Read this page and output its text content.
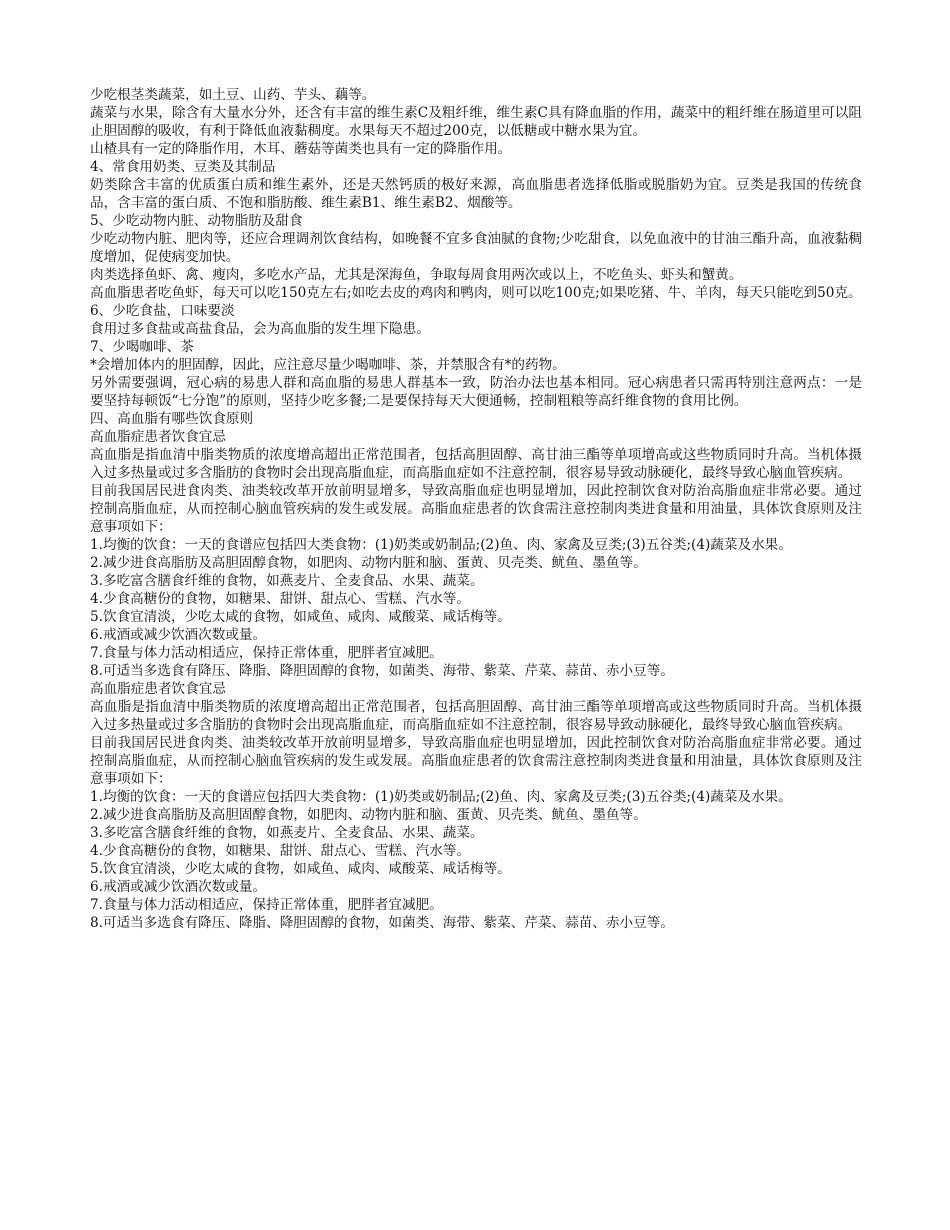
少吃根茎类蔬菜，如土豆、山药、芋头、藕等。

蔬菜与水果，除含有大量水分外，还含有丰富的维生素C及粗纤维，维生素C具有降血脂的作用，蔬菜中的粗纤维在肠道里可以阻止胆固醇的吸收，有利于降低血液黏稠度。水果每天不超过200克，以低糖或中糖水果为宜。

山楂具有一定的降脂作用，木耳、蘑菇等菌类也具有一定的降脂作用。

4、常食用奶类、豆类及其制品

奶类除含丰富的优质蛋白质和维生素外，还是天然钙质的极好来源，高血脂患者选择低脂或脱脂奶为宜。豆类是我国的传统食品，含丰富的蛋白质、不饱和脂肪酸、维生素B1、维生素B2、烟酸等。

5、少吃动物内脏、动物脂肪及甜食

少吃动物内脏、肥肉等，还应合理调剂饮食结构，如晚餐不宜多食油腻的食物;少吃甜食，以免血液中的甘油三酯升高，血液黏稠度增加，促使病变加快。

肉类选择鱼虾、禽、瘦肉，多吃水产品，尤其是深海鱼，争取每周食用两次或以上，不吃鱼头、虾头和蟹黄。

高血脂患者吃鱼虾，每天可以吃150克左右;如吃去皮的鸡肉和鸭肉，则可以吃100克;如果吃猪、牛、羊肉，每天只能吃到50克。

6、少吃食盐，口味要淡

食用过多食盐或高盐食品，会为高血脂的发生埋下隐患。

7、少喝咖啡、茶

*会增加体内的胆固醇，因此，应注意尽量少喝咖啡、茶，并禁服含有*的药物。

另外需要强调，冠心病的易患人群和高血脂的易患人群基本一致，防治办法也基本相同。冠心病患者只需再特别注意两点：一是要坚持每顿饭“七分饱”的原则，坚持少吃多餐;二是要保持每天大便通畅，控制粗粮等高纤维食物的食用比例。

四、高血脂有哪些饮食原则

高血脂症患者饮食宜忌

高血脂是指血清中脂类物质的浓度增高超出正常范围者，包括高胆固醇、高甘油三酯等单项增高或这些物质同时升高。当机体摄入过多热量或过多含脂肪的食物时会出现高脂血症，而高脂血症如不注意控制，很容易导致动脉硬化，最终导致心脑血管疾病。

目前我国居民进食肉类、油类较改革开放前明显增多，导致高脂血症也明显增加，因此控制饮食对防治高脂血症非常必要。通过控制高脂血症，从而控制心脑血管疾病的发生或发展。高脂血症患者的饮食需注意控制肉类进食量和用油量，具体饮食原则及注意事项如下：

1.均衡的饮食：一天的食谱应包括四大类食物：(1)奶类或奶制品;(2)鱼、肉、家禽及豆类;(3)五谷类;(4)蔬菜及水果。

2.减少进食高脂肪及高胆固醇食物，如肥肉、动物内脏和脑、蛋黄、贝壳类、鱿鱼、墨鱼等。

3.多吃富含膳食纤维的食物，如燕麦片、全麦食品、水果、蔬菜。

4.少食高糖份的食物，如糖果、甜饼、甜点心、雪糕、汽水等。

5.饮食宜清淡，少吃太咸的食物，如咸鱼、咸肉、咸酸菜、咸话梅等。

6.戒酒或减少饮酒次数或量。

7.食量与体力活动相适应，保持正常体重，肥胖者宜减肥。

8.可适当多选食有降压、降脂、降胆固醇的食物，如菌类、海带、紫菜、芹菜、蒜苗、赤小豆等。

高血脂症患者饮食宜忌

高血脂是指血清中脂类物质的浓度增高超出正常范围者，包括高胆固醇、高甘油三酯等单项增高或这些物质同时升高。当机体摄入过多热量或过多含脂肪的食物时会出现高脂血症，而高脂血症如不注意控制，很容易导致动脉硬化，最终导致心脑血管疾病。

目前我国居民进食肉类、油类较改革开放前明显增多，导致高脂血症也明显增加，因此控制饮食对防治高脂血症非常必要。通过控制高脂血症，从而控制心脑血管疾病的发生或发展。高脂血症患者的饮食需注意控制肉类进食量和用油量，具体饮食原则及注意事项如下：

1.均衡的饮食：一天的食谱应包括四大类食物：(1)奶类或奶制品;(2)鱼、肉、家禽及豆类;(3)五谷类;(4)蔬菜及水果。

2.减少进食高脂肪及高胆固醇食物，如肥肉、动物内脏和脑、蛋黄、贝壳类、鱿鱼、墨鱼等。

3.多吃富含膳食纤维的食物，如燕麦片、全麦食品、水果、蔬菜。

4.少食高糖份的食物，如糖果、甜饼、甜点心、雪糕、汽水等。

5.饮食宜清淡，少吃太咸的食物，如咸鱼、咸肉、咸酸菜、咸话梅等。

6.戒酒或减少饮酒次数或量。

7.食量与体力活动相适应，保持正常体重，肥胖者宜减肥。

8.可适当多选食有降压、降脂、降胆固醇的食物，如菌类、海带、紫菜、芹菜、蒜苗、赤小豆等。
